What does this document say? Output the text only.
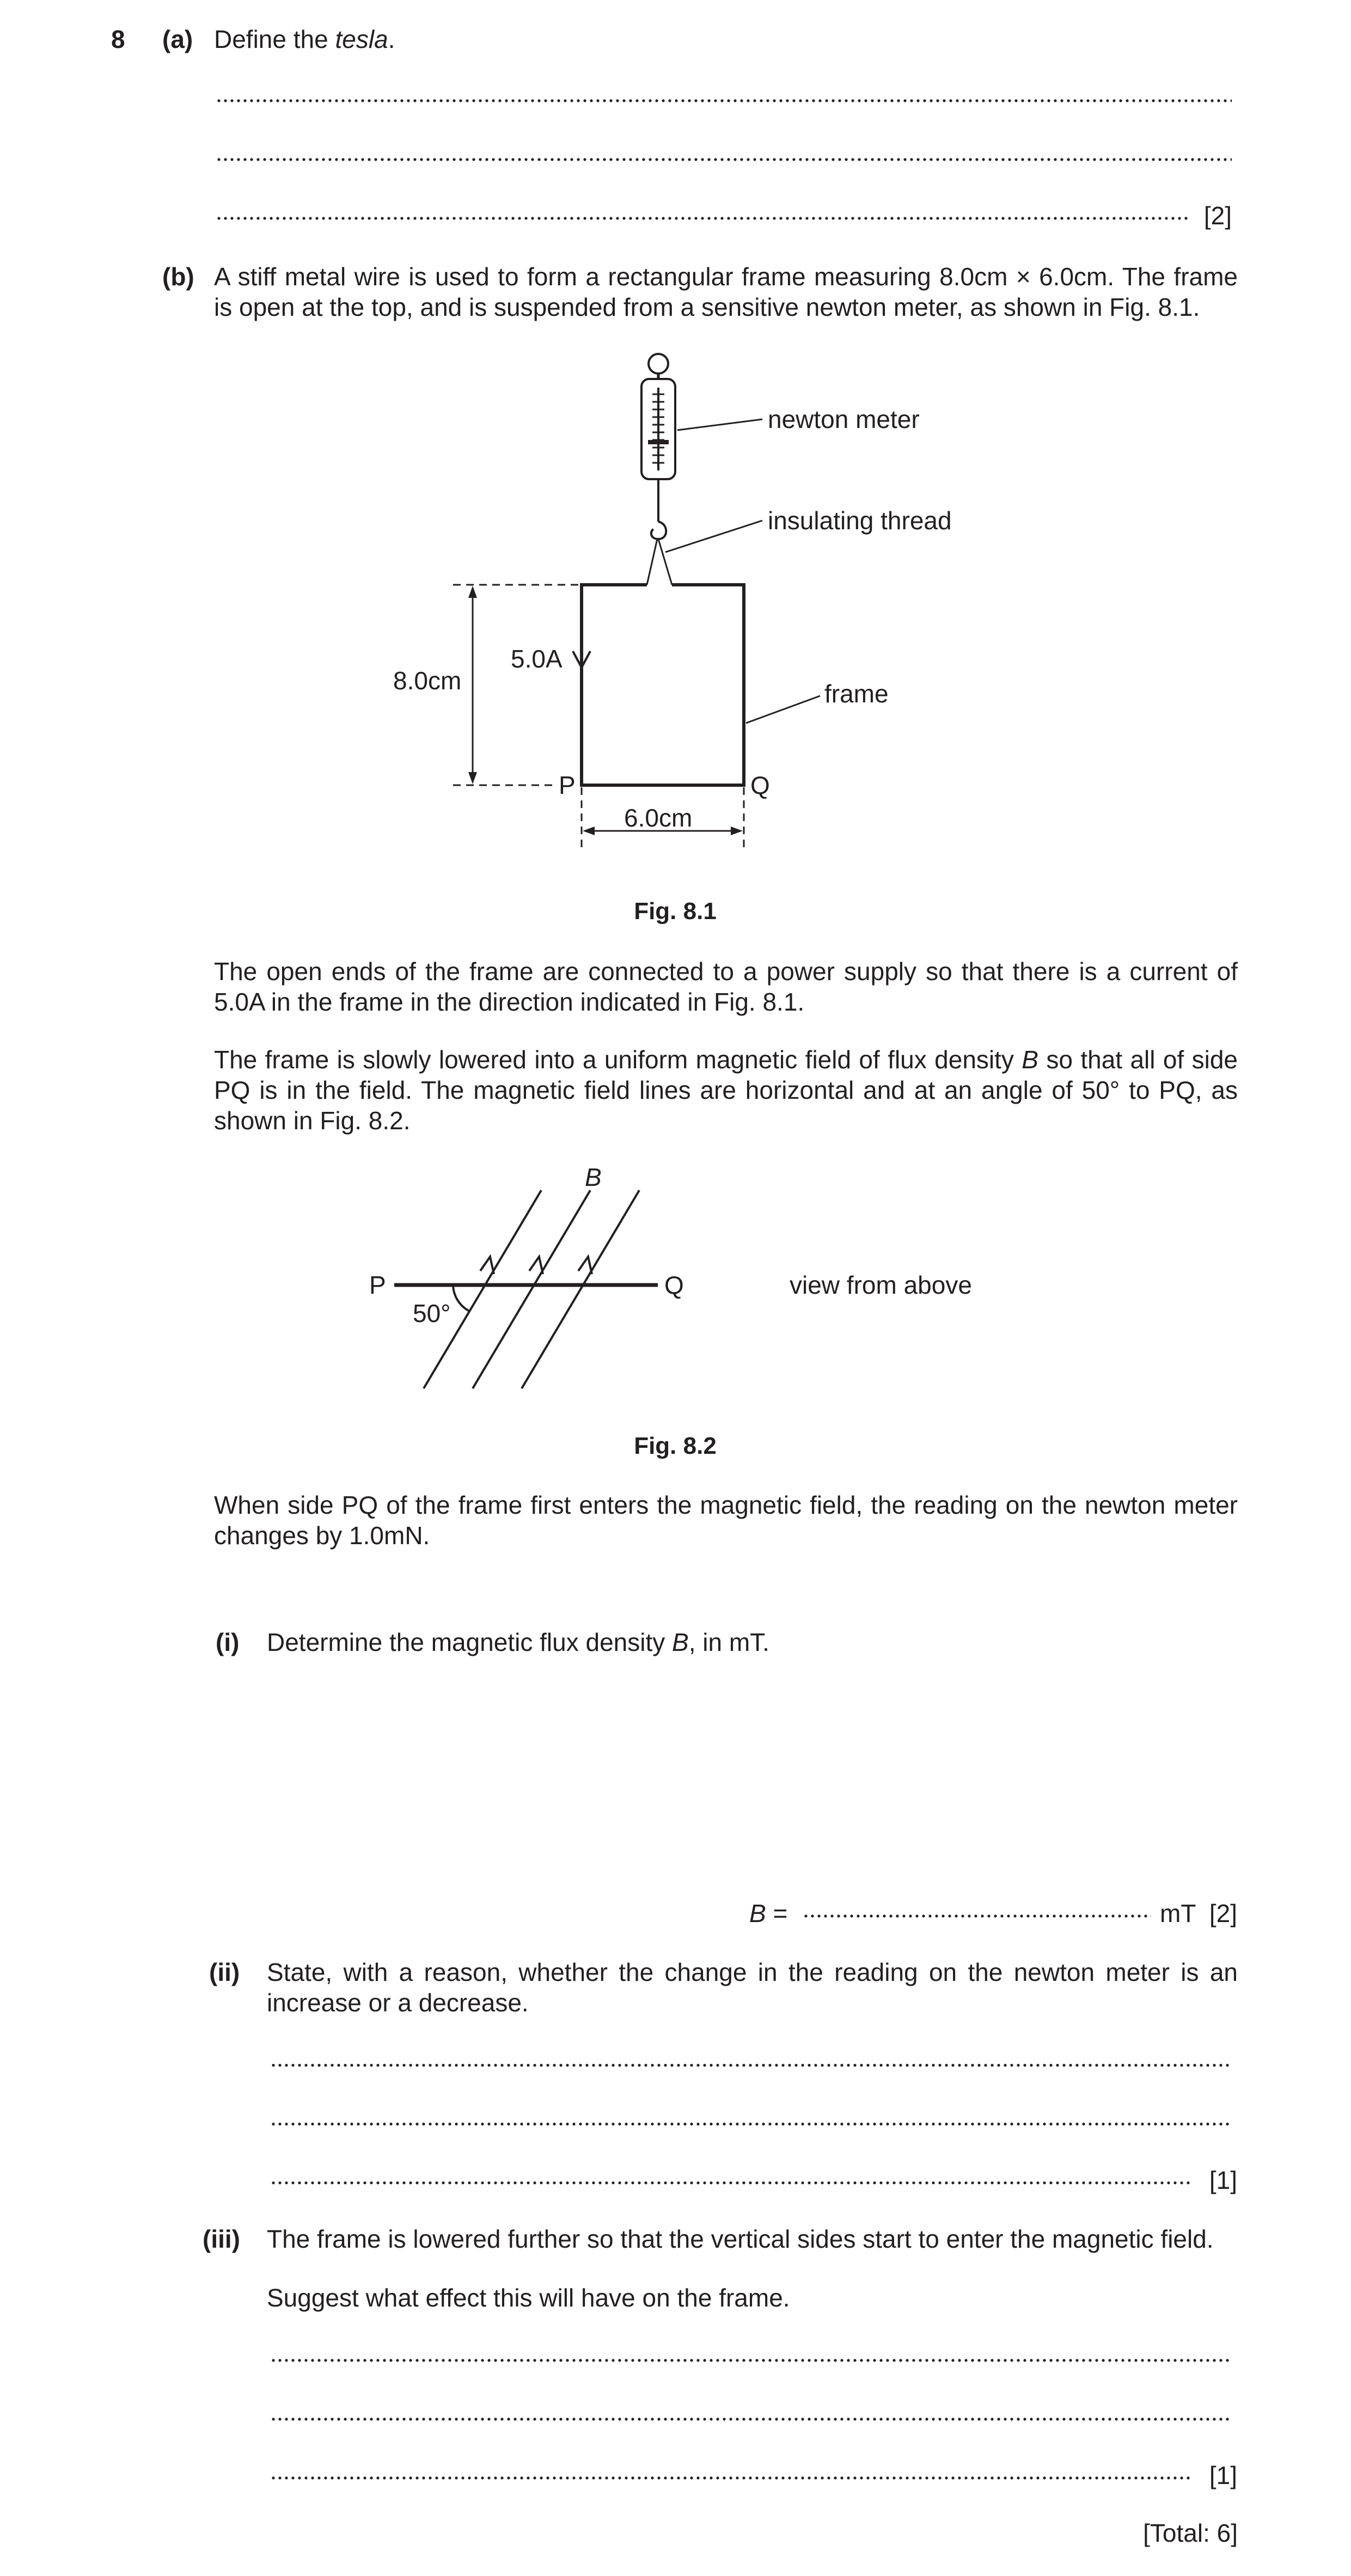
8 (a) Define the tesla.
[2]
(b) A stiff metal wire is used to form a rectangular frame measuring 8.0cm × 6.0cm. The frame is open at the top, and is suspended from a sensitive newton meter, as shown in Fig. 8.1.
newton meter
insulating thread
frame
8.0cm
5.0A
P	Q
6.0cm
Fig. 8.1
The open ends of the frame are connected to a power supply so that there is a current of 5.0A in the frame in the direction indicated in Fig. 8.1.
The frame is slowly lowered into a uniform magnetic field of flux density B so that all of side PQ is in the field. The magnetic field lines are horizontal and at an angle of 50° to PQ, as shown in Fig. 8.2.
B
P	Q
50°
view from above
Fig. 8.2
When side PQ of the frame first enters the magnetic field, the reading on the newton meter changes by 1.0mN.
(i) Determine the magnetic flux density B, in mT.
B =	mT [2]
(ii) State, with a reason, whether the change in the reading on the newton meter is an increase or a decrease.
[1]
(iii) The frame is lowered further so that the vertical sides start to enter the magnetic field.
Suggest what effect this will have on the frame.
[1]
[Total: 6]
